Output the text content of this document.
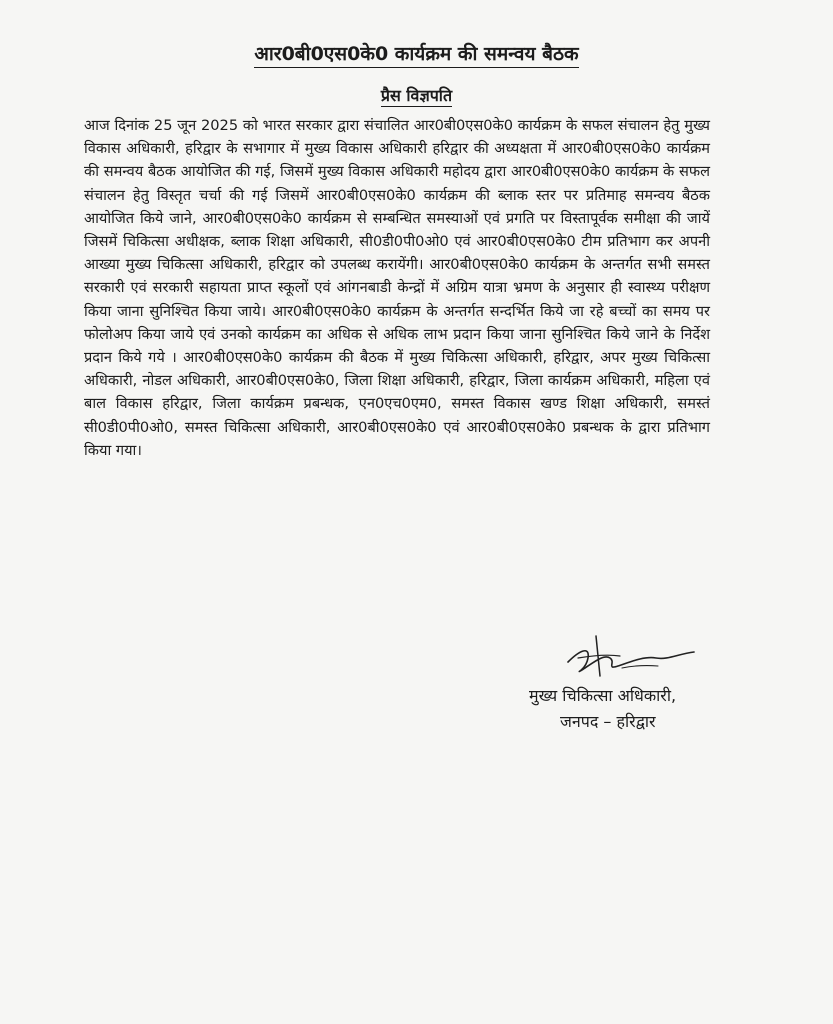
आर0बी0एस0के0 कार्यक्रम की समन्वय बैठक
प्रैस विज्ञपति

आज दिनांक 25 जून 2025 को भारत सरकार द्वारा संचालित आर0बी0एस0के0 कार्यक्रम के सफल संचालन हेतु मुख्य विकास अधिकारी, हरिद्वार के सभागार में मुख्य विकास अधिकारी हरिद्वार की अध्यक्षता में आर0बी0एस0के0 कार्यक्रम की समन्वय बैठक आयोजित की गई, जिसमें मुख्य विकास अधिकारी महोदय द्वारा आर0बी0एस0के0 कार्यक्रम के सफल संचालन हेतु विस्तृत चर्चा की गई जिसमें आर0बी0एस0के0 कार्यक्रम की ब्लाक स्तर पर प्रतिमाह समन्वय बैठक आयोजित किये जाने, आर0बी0एस0के0 कार्यक्रम से सम्बन्धित समस्याओं एवं प्रगति पर विस्तापूर्वक समीक्षा की जायें जिसमें चिकित्सा अधीक्षक, ब्लाक शिक्षा अधिकारी, सी0डी0पी0ओ0 एवं आर0बी0एस0के0 टीम प्रतिभाग कर अपनी आख्या मुख्य चिकित्सा अधिकारी, हरिद्वार को उपलब्ध करायेंगी। आर0बी0एस0के0 कार्यक्रम के अन्तर्गत सभी समस्त सरकारी एवं सरकारी सहायता प्राप्त स्कूलों एवं आंगनबाडी केन्द्रों में अग्रिम यात्रा भ्रमण के अनुसार ही स्वास्थ्य परीक्षण किया जाना सुनिश्चित किया जाये। आर0बी0एस0के0 कार्यक्रम के अन्तर्गत सन्दर्भित किये जा रहे बच्चों का समय पर फोलोअप किया जाये एवं उनको कार्यक्रम का अधिक से अधिक लाभ प्रदान किया जाना सुनिश्चित किये जाने के निर्देश प्रदान किये गये । आर0बी0एस0के0 कार्यक्रम की बैठक में मुख्य चिकित्सा अधिकारी, हरिद्वार, अपर मुख्य चिकित्सा अधिकारी, नोडल अधिकारी, आर0बी0एस0के0, जिला शिक्षा अधिकारी, हरिद्वार, जिला कार्यक्रम अधिकारी, महिला एवं बाल विकास हरिद्वार, जिला कार्यक्रम प्रबन्धक, एन0एच0एम0, समस्त विकास खण्ड शिक्षा अधिकारी, समस्तं सी0डी0पी0ओ0, समस्त चिकित्सा अधिकारी, आर0बी0एस0के0 एवं आर0बी0एस0के0 प्रबन्धक के द्वारा प्रतिभाग किया गया।

मुख्य चिकित्सा अधिकारी,
जनपद – हरिद्वार
